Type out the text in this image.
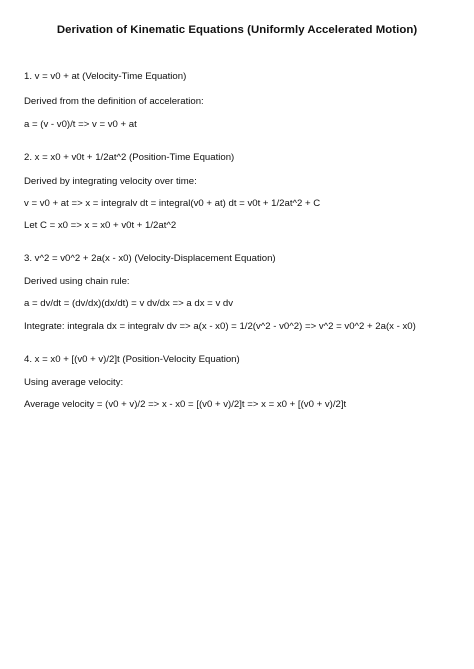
Derivation of Kinematic Equations (Uniformly Accelerated Motion)
1. v = v0 + at (Velocity-Time Equation)
Derived from the definition of acceleration:
a = (v - v0)/t => v = v0 + at
2. x = x0 + v0t + 1/2at^2 (Position-Time Equation)
Derived by integrating velocity over time:
v = v0 + at => x = integralv dt = integral(v0 + at) dt = v0t + 1/2at^2 + C
Let C = x0 => x = x0 + v0t + 1/2at^2
3. v^2 = v0^2 + 2a(x - x0) (Velocity-Displacement Equation)
Derived using chain rule:
a = dv/dt = (dv/dx)(dx/dt) = v dv/dx => a dx = v dv
Integrate: integrala dx = integralv dv => a(x - x0) = 1/2(v^2 - v0^2) => v^2 = v0^2 + 2a(x - x0)
4. x = x0 + [(v0 + v)/2]t (Position-Velocity Equation)
Using average velocity:
Average velocity = (v0 + v)/2 => x - x0 = [(v0 + v)/2]t => x = x0 + [(v0 + v)/2]t
